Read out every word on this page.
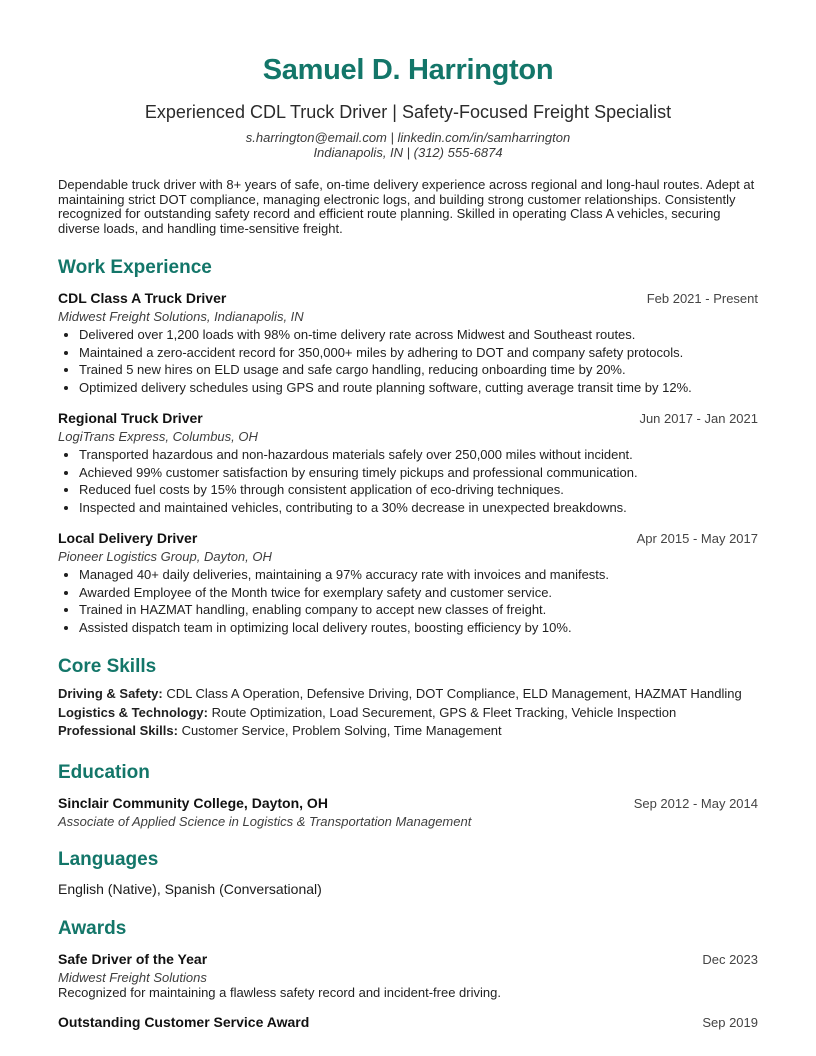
Samuel D. Harrington
Experienced CDL Truck Driver | Safety-Focused Freight Specialist
s.harrington@email.com | linkedin.com/in/samharrington
Indianapolis, IN | (312) 555-6874
Dependable truck driver with 8+ years of safe, on-time delivery experience across regional and long-haul routes. Adept at maintaining strict DOT compliance, managing electronic logs, and building strong customer relationships. Consistently recognized for outstanding safety record and efficient route planning. Skilled in operating Class A vehicles, securing diverse loads, and handling time-sensitive freight.
Work Experience
CDL Class A Truck Driver	Feb 2021 - Present
Midwest Freight Solutions, Indianapolis, IN
• Delivered over 1,200 loads with 98% on-time delivery rate across Midwest and Southeast routes.
• Maintained a zero-accident record for 350,000+ miles by adhering to DOT and company safety protocols.
• Trained 5 new hires on ELD usage and safe cargo handling, reducing onboarding time by 20%.
• Optimized delivery schedules using GPS and route planning software, cutting average transit time by 12%.
Regional Truck Driver	Jun 2017 - Jan 2021
LogiTrans Express, Columbus, OH
• Transported hazardous and non-hazardous materials safely over 250,000 miles without incident.
• Achieved 99% customer satisfaction by ensuring timely pickups and professional communication.
• Reduced fuel costs by 15% through consistent application of eco-driving techniques.
• Inspected and maintained vehicles, contributing to a 30% decrease in unexpected breakdowns.
Local Delivery Driver	Apr 2015 - May 2017
Pioneer Logistics Group, Dayton, OH
• Managed 40+ daily deliveries, maintaining a 97% accuracy rate with invoices and manifests.
• Awarded Employee of the Month twice for exemplary safety and customer service.
• Trained in HAZMAT handling, enabling company to accept new classes of freight.
• Assisted dispatch team in optimizing local delivery routes, boosting efficiency by 10%.
Core Skills
Driving & Safety: CDL Class A Operation, Defensive Driving, DOT Compliance, ELD Management, HAZMAT Handling
Logistics & Technology: Route Optimization, Load Securement, GPS & Fleet Tracking, Vehicle Inspection
Professional Skills: Customer Service, Problem Solving, Time Management
Education
Sinclair Community College, Dayton, OH	Sep 2012 - May 2014
Associate of Applied Science in Logistics & Transportation Management
Languages
English (Native), Spanish (Conversational)
Awards
Safe Driver of the Year	Dec 2023
Midwest Freight Solutions
Recognized for maintaining a flawless safety record and incident-free driving.
Outstanding Customer Service Award	Sep 2019
